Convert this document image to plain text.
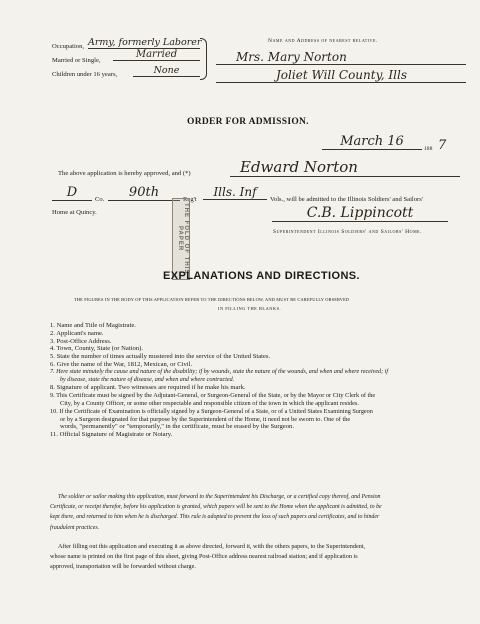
Occupation, Army, formerly Laborer
Married or Single,
Married
Children under 16 years,	None
Name and Address of nearest relative.
Mrs. Mary Norton
Joliet Will County, Ills
ORDER FOR ADMISSION.
March 16	188 7
The above application is hereby approved, and (*)	Edward Norton
D	Co.	90th	Reg't
Ills. Inf
Vols., will be admitted to the Illinois Soldiers' and Sailors'
Home at Quincy.	C.B. Lippincott
Superintendent Illinois Soldiers' and Sailors' Home.
THE FOLD OF THIS PAPER
EXPLANATIONS AND DIRECTIONS.
THE FIGURES IN THE BODY OF THIS APPLICATION REFER TO THE DIRECTIONS BELOW, AND MUST BE CAREFULLY OBSERVED
IN FILLING THE BLANKS.
1. Name and Title of Magistrate.
2. Applicant's name.
3. Post-Office Address.
4. Town, County, State (or Nation).
5. State the number of times actually mustered into the service of the United States.
6. Give the name of the War, 1812, Mexican, or Civil.
7. Here state minutely the cause and nature of the disability; if by wounds, state the nature of the wounds, and when and where received; if
by disease, state the nature of disease, and when and where contracted.
8. Signature of applicant. Two witnesses are required if he make his mark.
9. This Certificate must be signed by the Adjutant-General, or Surgeon-General of the State, or by the Mayor or City Clerk of the
City, by a County Officer, or some other respectable and responsible citizen of the town in which the applicant resides.
10. If the Certificate of Examination is officially signed by a Surgeon-General of a State, or of a United States Examining Surgeon
or by a Surgeon designated for that purpose by the Superintendent of the Home, it need not be sworn to. One of the
words, "permanently" or "temporarily," in the certificate, must be erased by the Surgeon.
11. Official Signature of Magistrate or Notary.
The soldier or sailor making this application, must forward to the Superintendent his Discharge, or a certified copy thereof, and Pension
Certificate, or receipt therefor, before his application is granted, which papers will be sent to the Home when the applicant is admitted, to be
kept there, and returned to him when he is discharged. This rule is adopted to prevent the loss of such papers and certificates, and to hinder
fraudulent practices.
After filling out this application and executing it as above directed, forward it, with the others papers, to the Superintendent,
whose name is printed on the first page of this sheet, giving Post-Office address nearest railroad station; and if application is
approved, transportation will be forwarded without charge.
